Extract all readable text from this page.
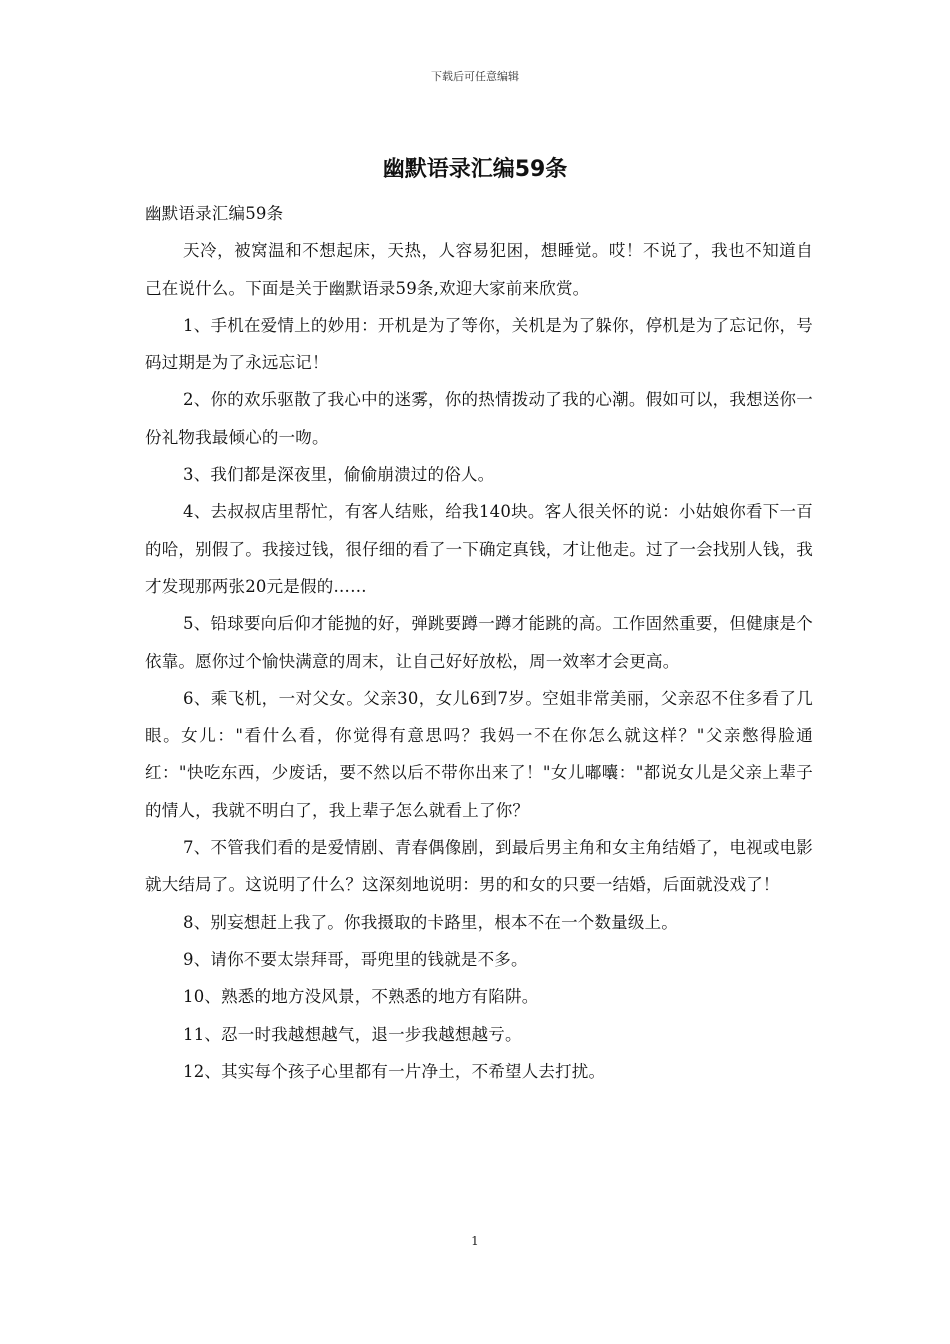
下载后可任意编辑
幽默语录汇编59条

幽默语录汇编59条

天冷，被窝温和不想起床，天热，人容易犯困，想睡觉。哎！不说了，我也不知道自己在说什么。下面是关于幽默语录59条,欢迎大家前来欣赏。

1、手机在爱情上的妙用：开机是为了等你，关机是为了躲你，停机是为了忘记你，号码过期是为了永远忘记！

2、你的欢乐驱散了我心中的迷雾，你的热情拨动了我的心潮。假如可以，我想送你一份礼物我最倾心的一吻。

3、我们都是深夜里，偷偷崩溃过的俗人。

4、去叔叔店里帮忙，有客人结账，给我140块。客人很关怀的说：小姑娘你看下一百的哈，别假了。我接过钱，很仔细的看了一下确定真钱，才让他走。过了一会找别人钱，我才发现那两张20元是假的……

5、铅球要向后仰才能抛的好，弹跳要蹲一蹲才能跳的高。工作固然重要，但健康是个依靠。愿你过个愉快满意的周末，让自己好好放松，周一效率才会更高。

6、乘飞机，一对父女。父亲30，女儿6到7岁。空姐非常美丽，父亲忍不住多看了几眼。女儿："看什么看，你觉得有意思吗？我妈一不在你怎么就这样？"父亲憋得脸通红："快吃东西，少废话，要不然以后不带你出来了！"女儿嘟囔："都说女儿是父亲上辈子的情人，我就不明白了，我上辈子怎么就看上了你？

7、不管我们看的是爱情剧、青春偶像剧，到最后男主角和女主角结婚了，电视或电影就大结局了。这说明了什么？这深刻地说明：男的和女的只要一结婚，后面就没戏了！

8、别妄想赶上我了。你我摄取的卡路里，根本不在一个数量级上。

9、请你不要太崇拜哥，哥兜里的钱就是不多。

10、熟悉的地方没风景，不熟悉的地方有陷阱。

11、忍一时我越想越气，退一步我越想越亏。

12、其实每个孩子心里都有一片净土，不希望人去打扰。

1
